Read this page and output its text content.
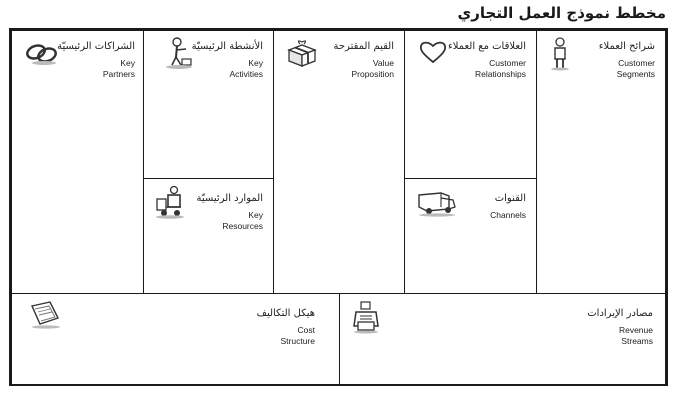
مخطط نموذج العمل التجاري
الشراكات الرئيسيّة
Key
Partners
الأنشطة الرئيسيّة
Key
Activities
الموارد الرئيسيّة
Key
Resources
القيم المقترحة
Value
Proposition
العلاقات مع العملاء
Customer
Relationships
القنوات
Channels
شرائح العملاء
Customer
Segments
هيكل التكاليف
Cost
Structure
مصادر الإيرادات
Revenue
Streams
